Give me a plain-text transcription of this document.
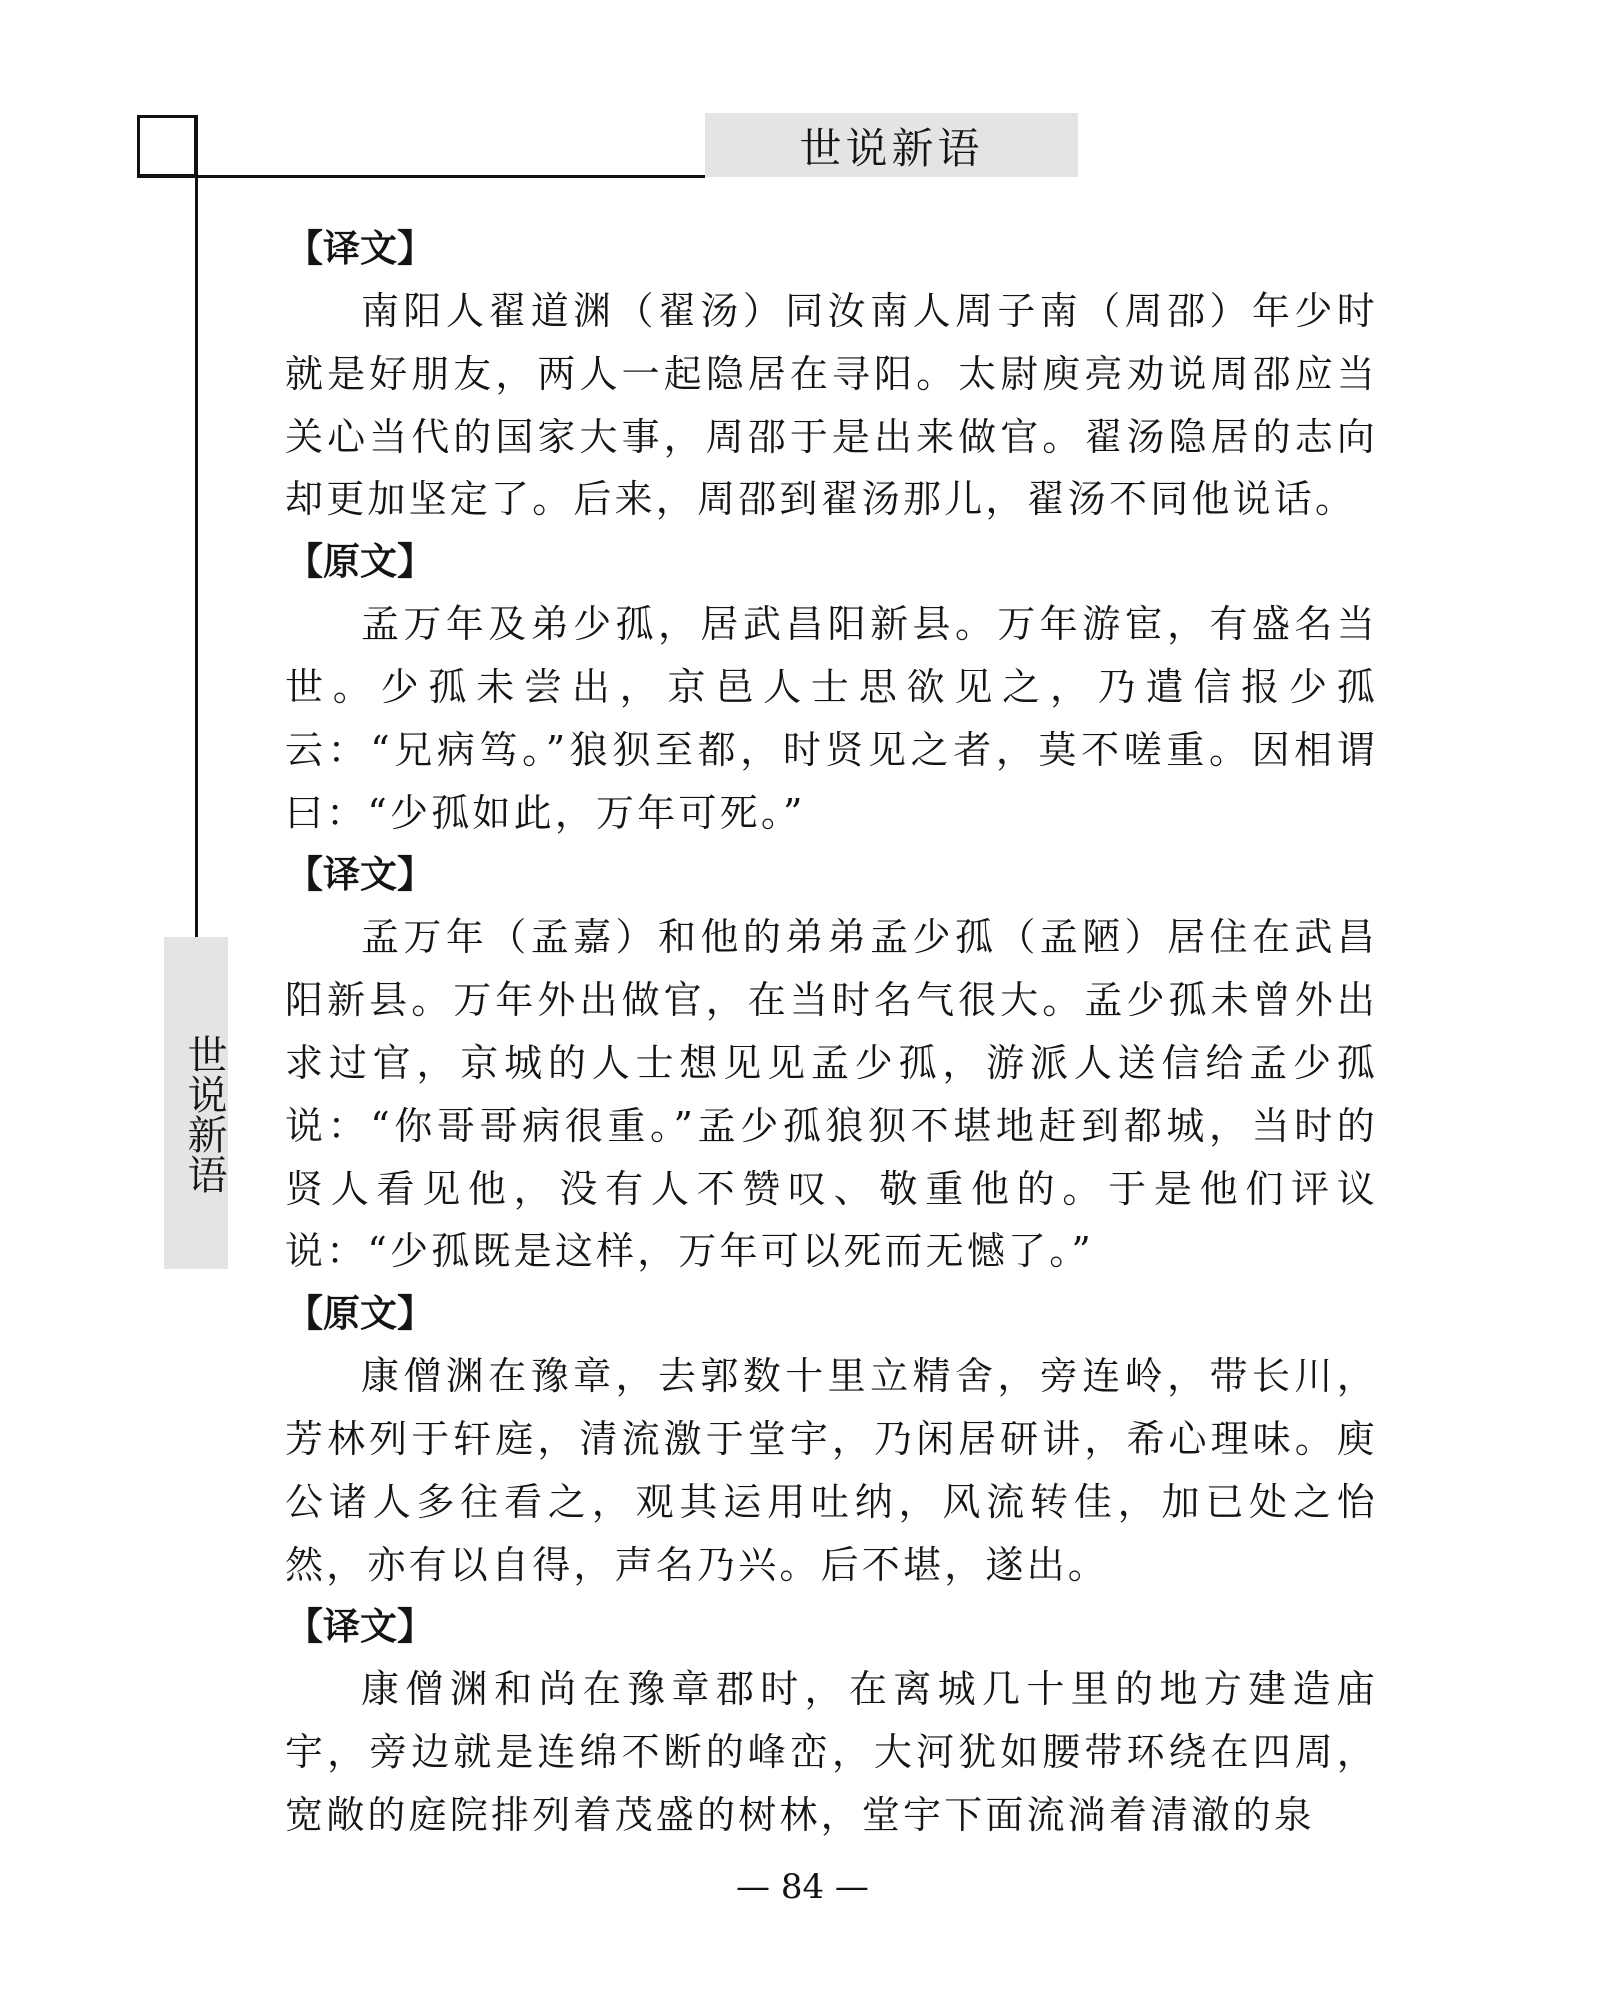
世说新语
世说新语
【译文】

南阳人翟道渊（翟汤）同汝南人周子南（周邵）年少时就是好朋友，两人一起隐居在寻阳。太尉庾亮劝说周邵应当关心当代的国家大事，周邵于是出来做官。翟汤隐居的志向却更加坚定了。后来，周邵到翟汤那儿，翟汤不同他说话。

【原文】

孟万年及弟少孤，居武昌阳新县。万年游宦，有盛名当世。少孤未尝出，京邑人士思欲见之，乃遣信报少孤云：“兄病笃。”狼狈至都，时贤见之者，莫不嗟重。因相谓曰：“少孤如此，万年可死。”

【译文】

孟万年（孟嘉）和他的弟弟孟少孤（孟陋）居住在武昌阳新县。万年外出做官，在当时名气很大。孟少孤未曾外出求过官，京城的人士想见见孟少孤，游派人送信给孟少孤说：“你哥哥病很重。”孟少孤狼狈不堪地赶到都城，当时的贤人看见他，没有人不赞叹、敬重他的。于是他们评议说：“少孤既是这样，万年可以死而无憾了。”

【原文】

康僧渊在豫章，去郭数十里立精舍，旁连岭，带长川，芳林列于轩庭，清流激于堂宇，乃闲居研讲，希心理味。庾公诸人多往看之，观其运用吐纳，风流转佳，加已处之怡然，亦有以自得，声名乃兴。后不堪，遂出。

【译文】

康僧渊和尚在豫章郡时，在离城几十里的地方建造庙宇，旁边就是连绵不断的峰峦，大河犹如腰带环绕在四周，宽敞的庭院排列着茂盛的树林，堂宇下面流淌着清澈的泉

— 84 —
